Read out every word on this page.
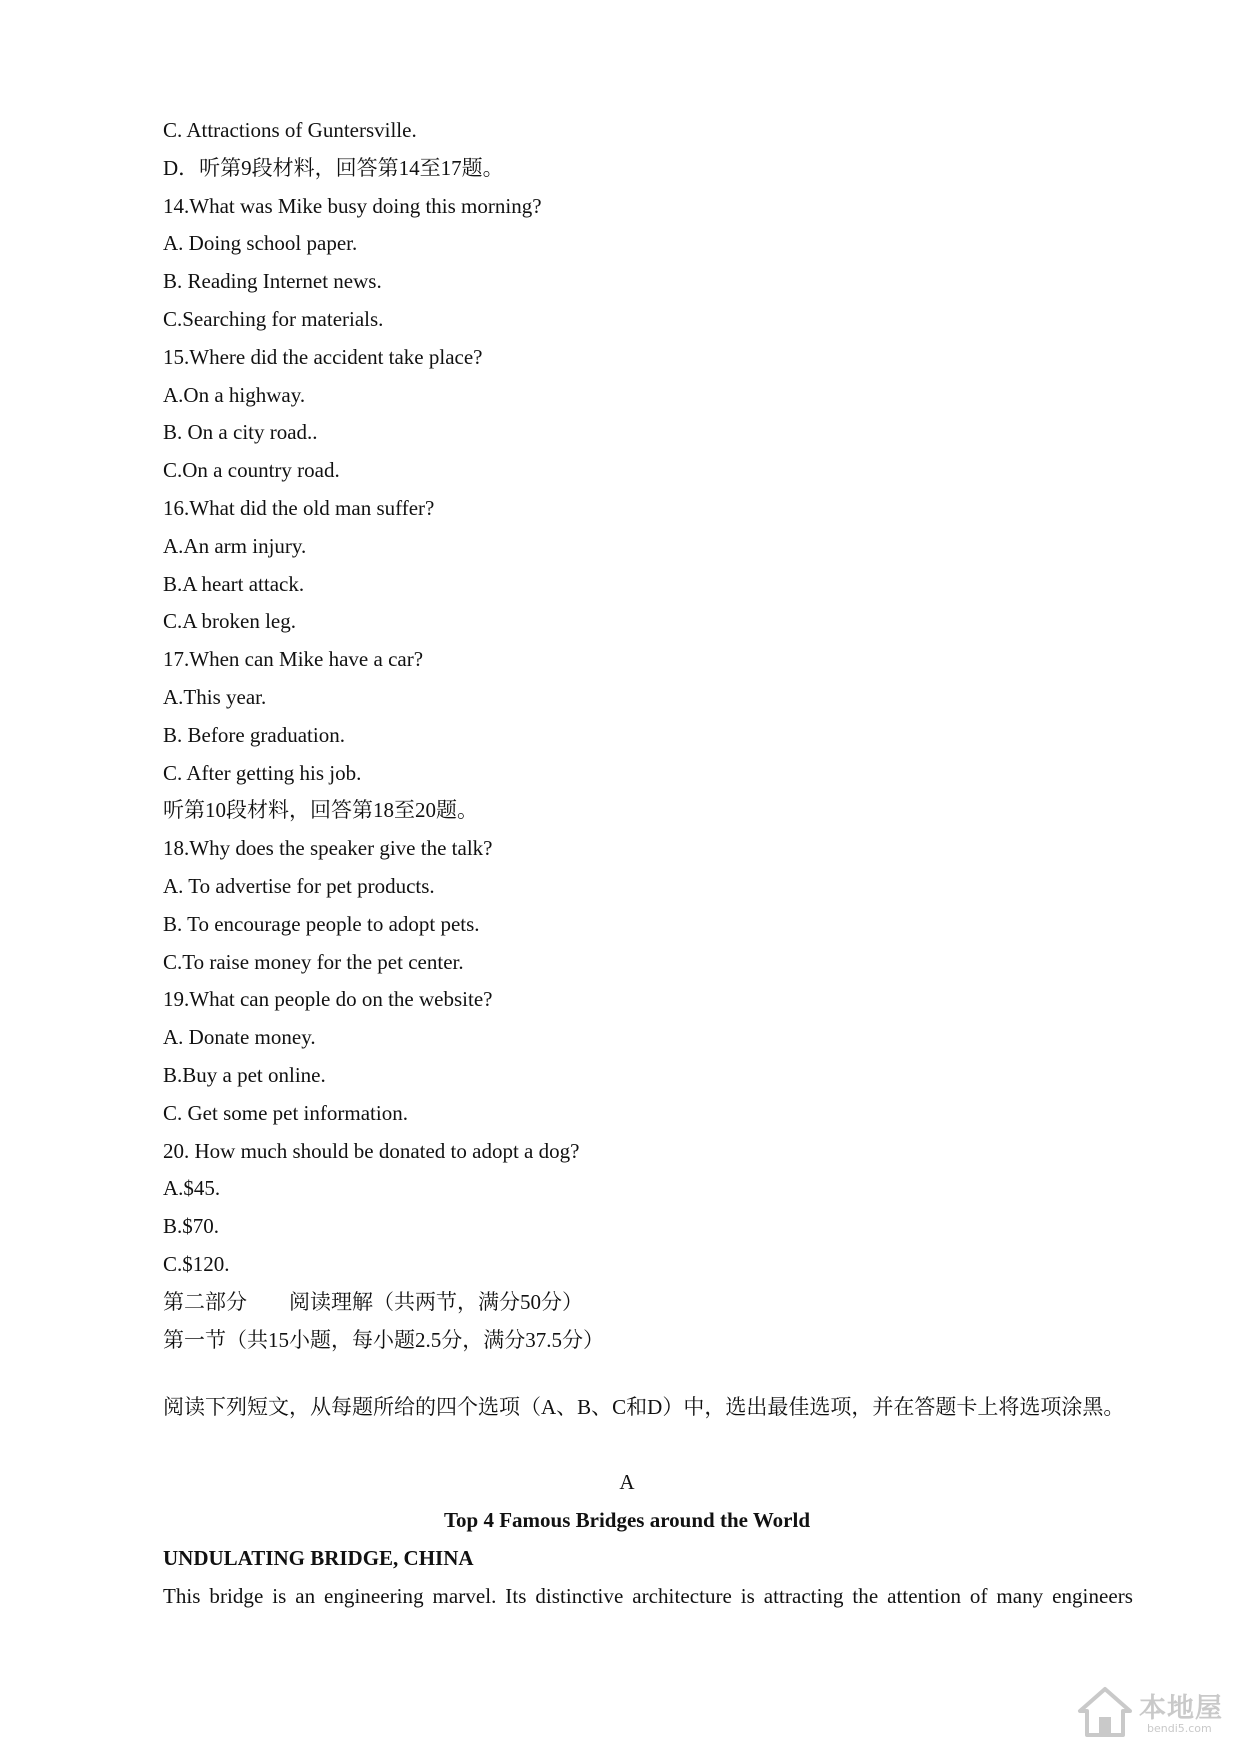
C. Attractions of Guntersville.
D．听第9段材料，回答第14至17题。
14.What was Mike busy doing this morning?
A. Doing school paper.
B. Reading Internet news.
C.Searching for materials.
15.Where did the accident take place?
A.On a highway.
B. On a city road..
C.On a country road.
16.What did the old man suffer?
A.An arm injury.
B.A heart attack.
C.A broken leg.
17.When can Mike have a car?
A.This year.
B. Before graduation.
C. After getting his job.
听第10段材料，回答第18至20题。
18.Why does the speaker give the talk?
A. To advertise for pet products.
B. To encourage people to adopt pets.
C.To raise money for the pet center.
19.What can people do on the website?
A. Donate money.
B.Buy a pet online.
C. Get some pet information.
20. How much should be donated to adopt a dog?
A.$45.
B.$70.
C.$120.
第二部分　　阅读理解（共两节，满分50分）
第一节（共15小题，每小题2.5分，满分37.5分）
阅读下列短文，从每题所给的四个选项（A、B、C和D）中，选出最佳选项，并在答题卡上将选项涂黑。
A
Top 4 Famous Bridges around the World
UNDULATING BRIDGE, CHINA
This bridge is an engineering marvel. Its distinctive architecture is attracting the attention of many engineers
本地屋
bendi5.com
